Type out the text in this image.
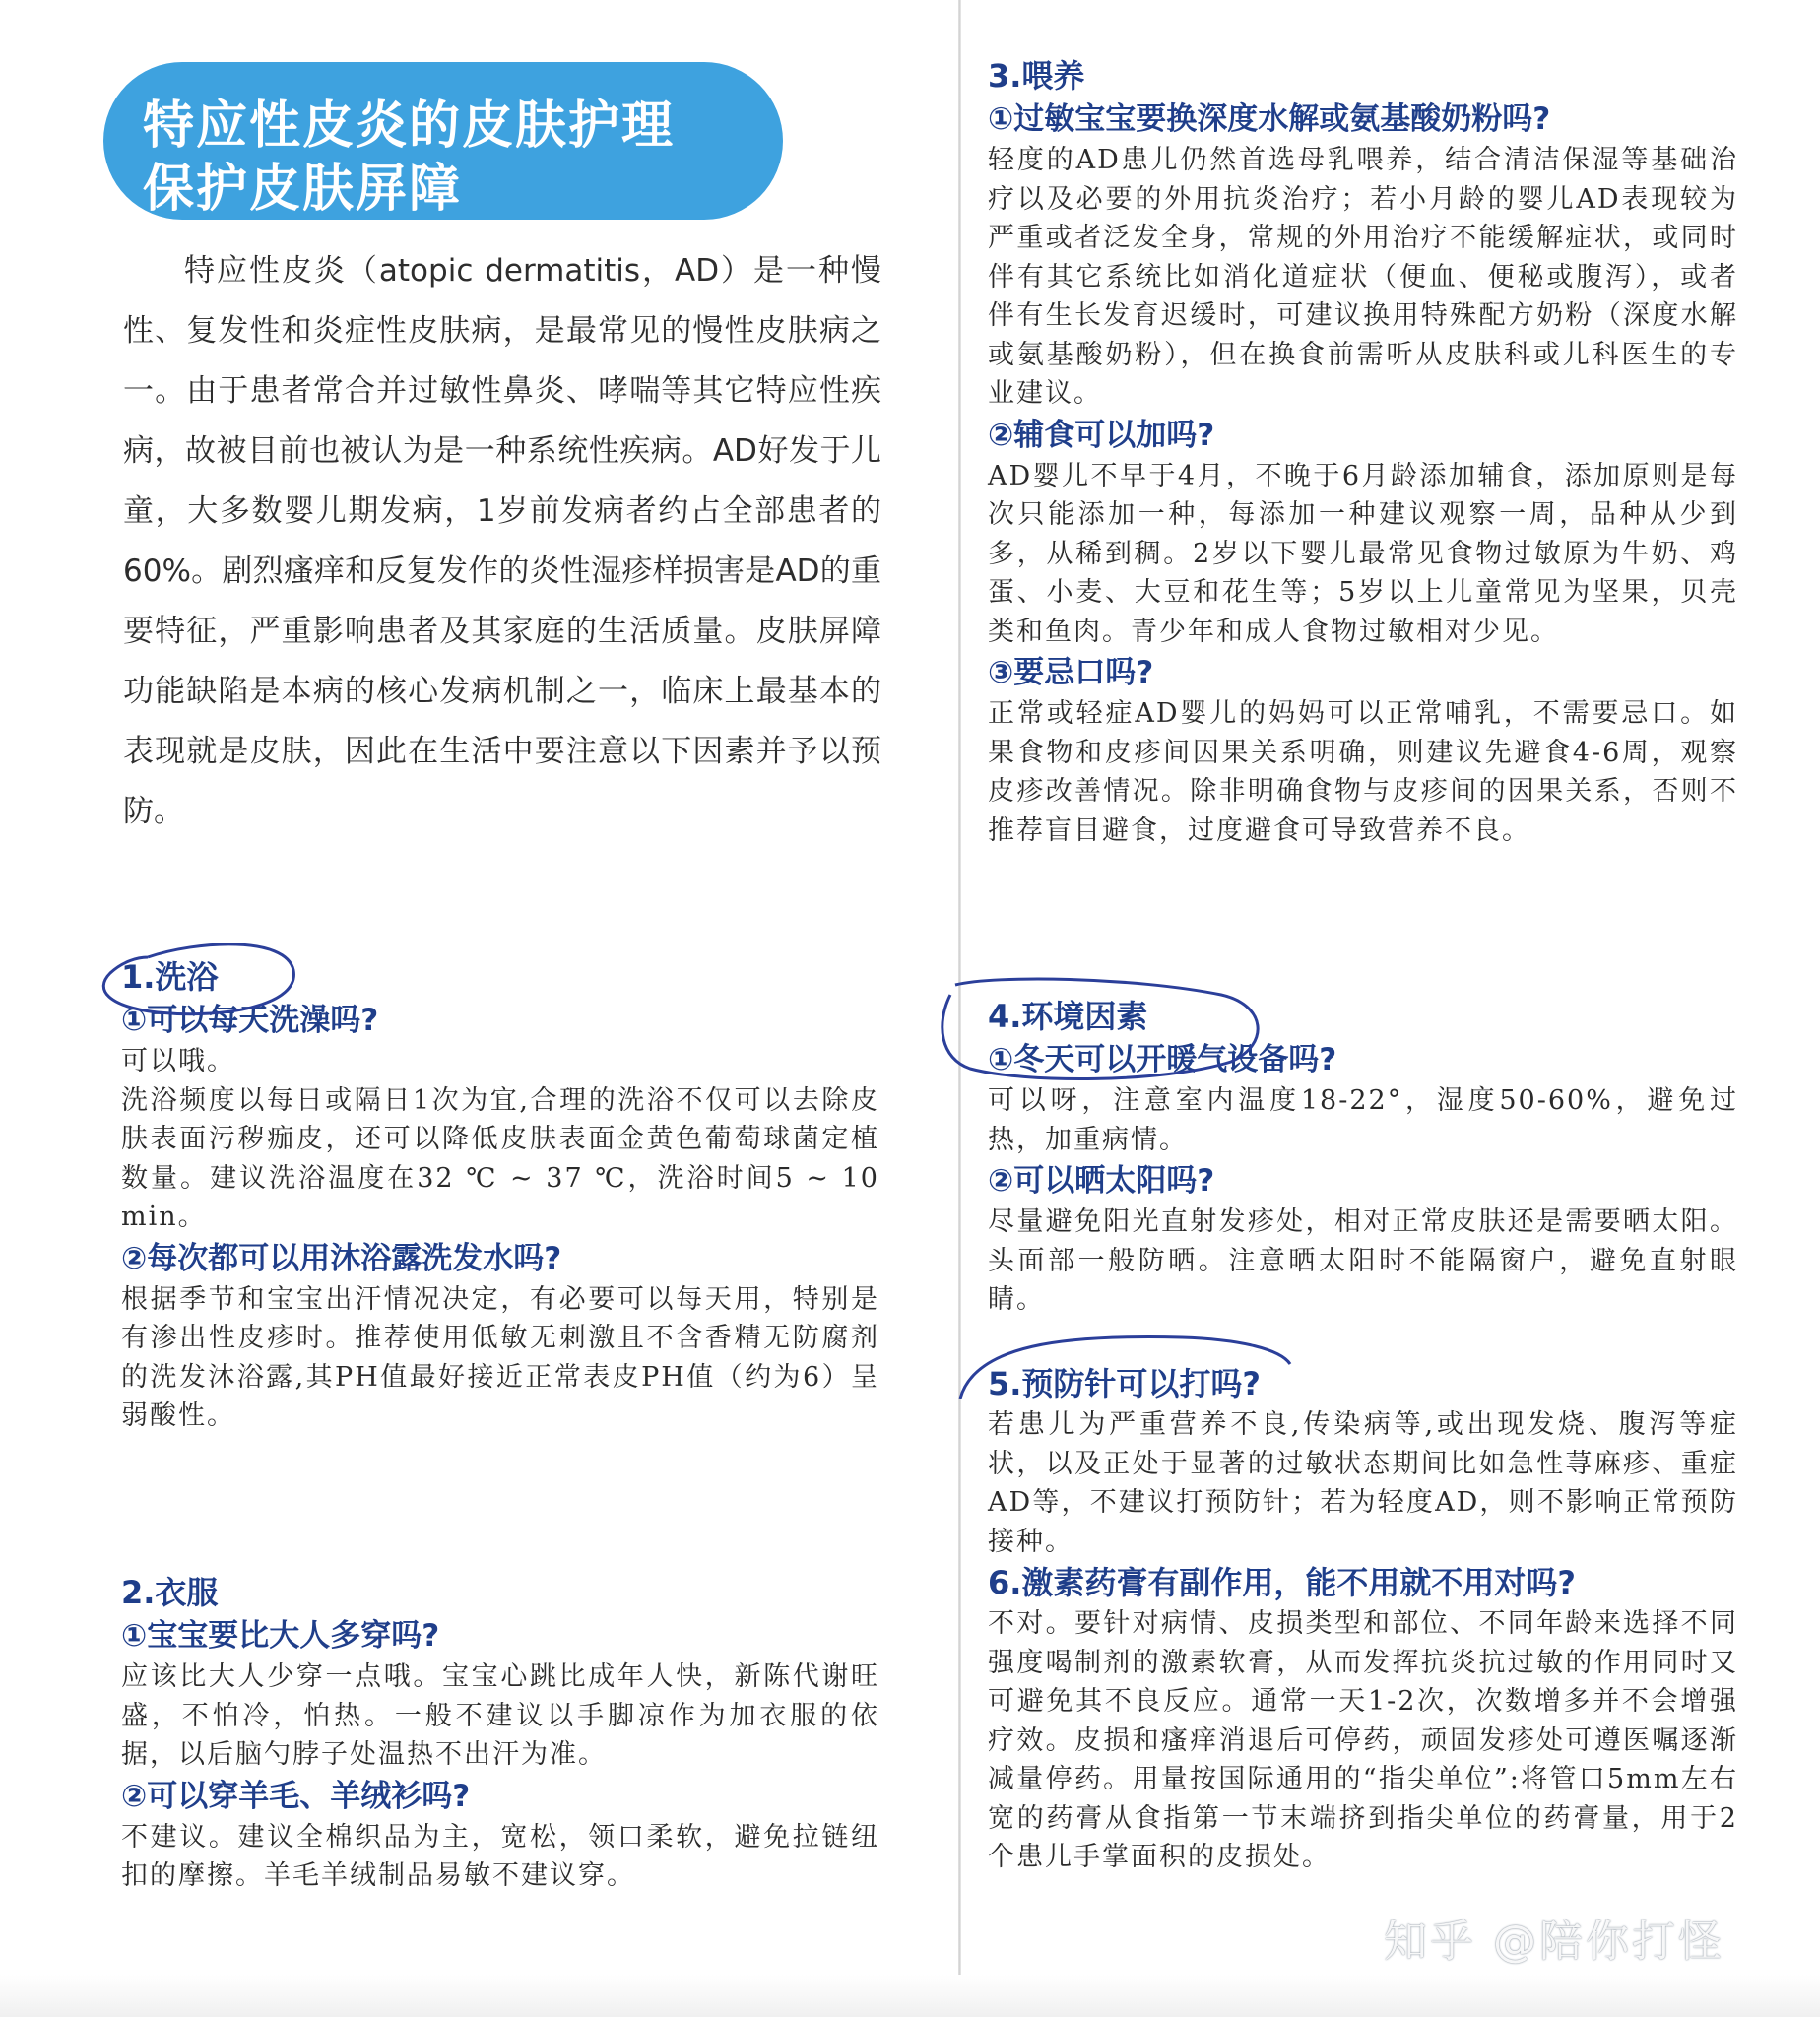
特应性皮炎的皮肤护理
保护皮肤屏障
特应性皮炎（atopic dermatitis，AD）是一种慢性、复发性和炎症性皮肤病，是最常见的慢性皮肤病之一。由于患者常合并过敏性鼻炎、哮喘等其它特应性疾病，故被目前也被认为是一种系统性疾病。AD好发于儿童，大多数婴儿期发病，1岁前发病者约占全部患者的60%。剧烈瘙痒和反复发作的炎性湿疹样损害是AD的重要特征，严重影响患者及其家庭的生活质量。皮肤屏障功能缺陷是本病的核心发病机制之一，临床上最基本的表现就是皮肤，因此在生活中要注意以下因素并予以预防。
1.洗浴
①可以每天洗澡吗?
可以哦。
洗浴频度以每日或隔日1次为宜,合理的洗浴不仅可以去除皮肤表面污秽痂皮，还可以降低皮肤表面金黄色葡萄球菌定植数量。建议洗浴温度在32 ℃ ~ 37 ℃，洗浴时间5 ~ 10 min。
②每次都可以用沐浴露洗发水吗?
根据季节和宝宝出汗情况决定，有必要可以每天用，特别是有渗出性皮疹时。推荐使用低敏无刺激且不含香精无防腐剂的洗发沐浴露,其PH值最好接近正常表皮PH值（约为6）呈弱酸性。
2.衣服
①宝宝要比大人多穿吗?
应该比大人少穿一点哦。宝宝心跳比成年人快，新陈代谢旺盛，不怕冷，怕热。一般不建议以手脚凉作为加衣服的依据，以后脑勺脖子处温热不出汗为准。
②可以穿羊毛、羊绒衫吗?
不建议。建议全棉织品为主，宽松，领口柔软，避免拉链纽扣的摩擦。羊毛羊绒制品易敏不建议穿。
3.喂养
①过敏宝宝要换深度水解或氨基酸奶粉吗?
轻度的AD患儿仍然首选母乳喂养，结合清洁保湿等基础治疗以及必要的外用抗炎治疗；若小月龄的婴儿AD表现较为严重或者泛发全身，常规的外用治疗不能缓解症状，或同时伴有其它系统比如消化道症状（便血、便秘或腹泻），或者伴有生长发育迟缓时，可建议换用特殊配方奶粉（深度水解或氨基酸奶粉），但在换食前需听从皮肤科或儿科医生的专业建议。
②辅食可以加吗?
AD婴儿不早于4月，不晚于6月龄添加辅食，添加原则是每次只能添加一种，每添加一种建议观察一周，品种从少到多，从稀到稠。2岁以下婴儿最常见食物过敏原为牛奶、鸡蛋、小麦、大豆和花生等；5岁以上儿童常见为坚果，贝壳类和鱼肉。青少年和成人食物过敏相对少见。
③要忌口吗?
正常或轻症AD婴儿的妈妈可以正常哺乳，不需要忌口。如果食物和皮疹间因果关系明确，则建议先避食4-6周，观察皮疹改善情况。除非明确食物与皮疹间的因果关系，否则不推荐盲目避食，过度避食可导致营养不良。
4.环境因素
①冬天可以开暖气设备吗?
可以呀，注意室内温度18-22°，湿度50-60%，避免过热，加重病情。
②可以晒太阳吗?
尽量避免阳光直射发疹处，相对正常皮肤还是需要晒太阳。头面部一般防晒。注意晒太阳时不能隔窗户，避免直射眼睛。
5.预防针可以打吗?
若患儿为严重营养不良,传染病等,或出现发烧、腹泻等症状，以及正处于显著的过敏状态期间比如急性荨麻疹、重症AD等，不建议打预防针；若为轻度AD，则不影响正常预防接种。
6.激素药膏有副作用，能不用就不用对吗?
不对。要针对病情、皮损类型和部位、不同年龄来选择不同强度喝制剂的激素软膏，从而发挥抗炎抗过敏的作用同时又可避免其不良反应。通常一天1-2次，次数增多并不会增强疗效。皮损和瘙痒消退后可停药，顽固发疹处可遵医嘱逐渐减量停药。用量按国际通用的“指尖单位”:将管口5mm左右宽的药膏从食指第一节末端挤到指尖单位的药膏量，用于2个患儿手掌面积的皮损处。
知乎 @陪你打怪
